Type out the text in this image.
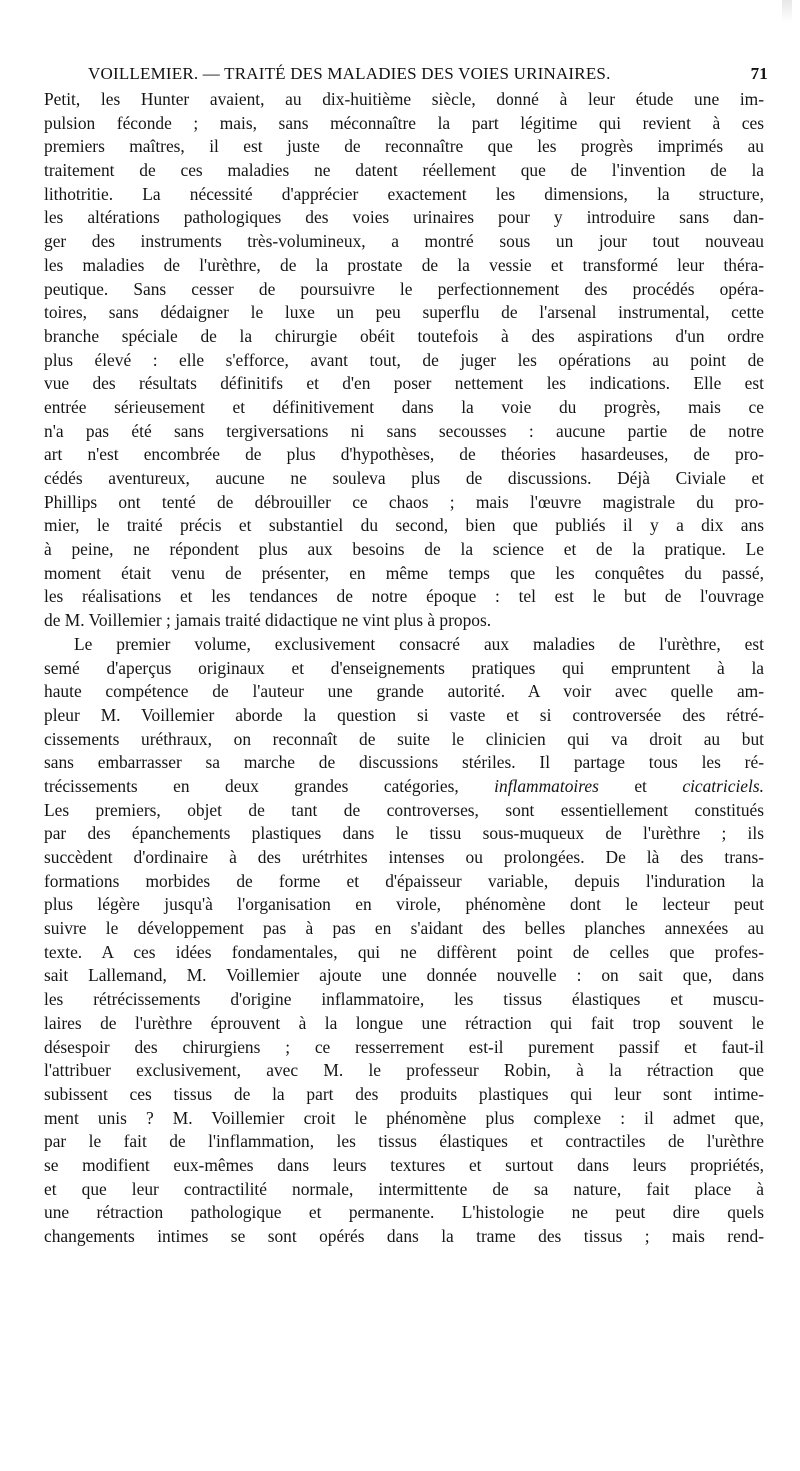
VOILLEMIER. — TRAITÉ DES MALADIES DES VOIES URINAIRES.	71
Petit, les Hunter avaient, au dix-huitième siècle, donné à leur étude une im-
pulsion féconde ; mais, sans méconnaître la part légitime qui revient à ces
premiers maîtres, il est juste de reconnaître que les progrès imprimés au
traitement de ces maladies ne datent réellement que de l'invention de la
lithotritie. La nécessité d'apprécier exactement les dimensions, la structure,
les altérations pathologiques des voies urinaires pour y introduire sans dan-
ger des instruments très-volumineux, a montré sous un jour tout nouveau
les maladies de l'urèthre, de la prostate de la vessie et transformé leur théra-
peutique. Sans cesser de poursuivre le perfectionnement des procédés opéra-
toires, sans dédaigner le luxe un peu superflu de l'arsenal instrumental, cette
branche spéciale de la chirurgie obéit toutefois à des aspirations d'un ordre
plus élevé : elle s'efforce, avant tout, de juger les opérations au point de
vue des résultats définitifs et d'en poser nettement les indications. Elle est
entrée sérieusement et définitivement dans la voie du progrès, mais ce
n'a pas été sans tergiversations ni sans secousses : aucune partie de notre
art n'est encombrée de plus d'hypothèses, de théories hasardeuses, de pro-
cédés aventureux, aucune ne souleva plus de discussions. Déjà Civiale et
Phillips ont tenté de débrouiller ce chaos ; mais l'œuvre magistrale du pro-
mier, le traité précis et substantiel du second, bien que publiés il y a dix ans
à peine, ne répondent plus aux besoins de la science et de la pratique. Le
moment était venu de présenter, en même temps que les conquêtes du passé,
les réalisations et les tendances de notre époque : tel est le but de l'ouvrage
de M. Voillemier ; jamais traité didactique ne vint plus à propos.
Le premier volume, exclusivement consacré aux maladies de l'urèthre, est
semé d'aperçus originaux et d'enseignements pratiques qui empruntent à la
haute compétence de l'auteur une grande autorité. A voir avec quelle am-
pleur M. Voillemier aborde la question si vaste et si controversée des rétré-
cissements uréthraux, on reconnaît de suite le clinicien qui va droit au but
sans embarrasser sa marche de discussions stériles. Il partage tous les ré-
trécissements en deux grandes catégories, inflammatoires et cicatriciels.
Les premiers, objet de tant de controverses, sont essentiellement constitués
par des épanchements plastiques dans le tissu sous-muqueux de l'urèthre ; ils
succèdent d'ordinaire à des urétrhites intenses ou prolongées. De là des trans-
formations morbides de forme et d'épaisseur variable, depuis l'induration la
plus légère jusqu'à l'organisation en virole, phénomène dont le lecteur peut
suivre le développement pas à pas en s'aidant des belles planches annexées au
texte. A ces idées fondamentales, qui ne diffèrent point de celles que profes-
sait Lallemand, M. Voillemier ajoute une donnée nouvelle : on sait que, dans
les rétrécissements d'origine inflammatoire, les tissus élastiques et muscu-
laires de l'urèthre éprouvent à la longue une rétraction qui fait trop souvent le
désespoir des chirurgiens ; ce resserrement est-il purement passif et faut-il
l'attribuer exclusivement, avec M. le professeur Robin, à la rétraction que
subissent ces tissus de la part des produits plastiques qui leur sont intime-
ment unis ? M. Voillemier croit le phénomène plus complexe : il admet que,
par le fait de l'inflammation, les tissus élastiques et contractiles de l'urèthre
se modifient eux-mêmes dans leurs textures et surtout dans leurs propriétés,
et que leur contractilité normale, intermittente de sa nature, fait place à
une rétraction pathologique et permanente. L'histologie ne peut dire quels
changements intimes se sont opérés dans la trame des tissus ; mais rend-
